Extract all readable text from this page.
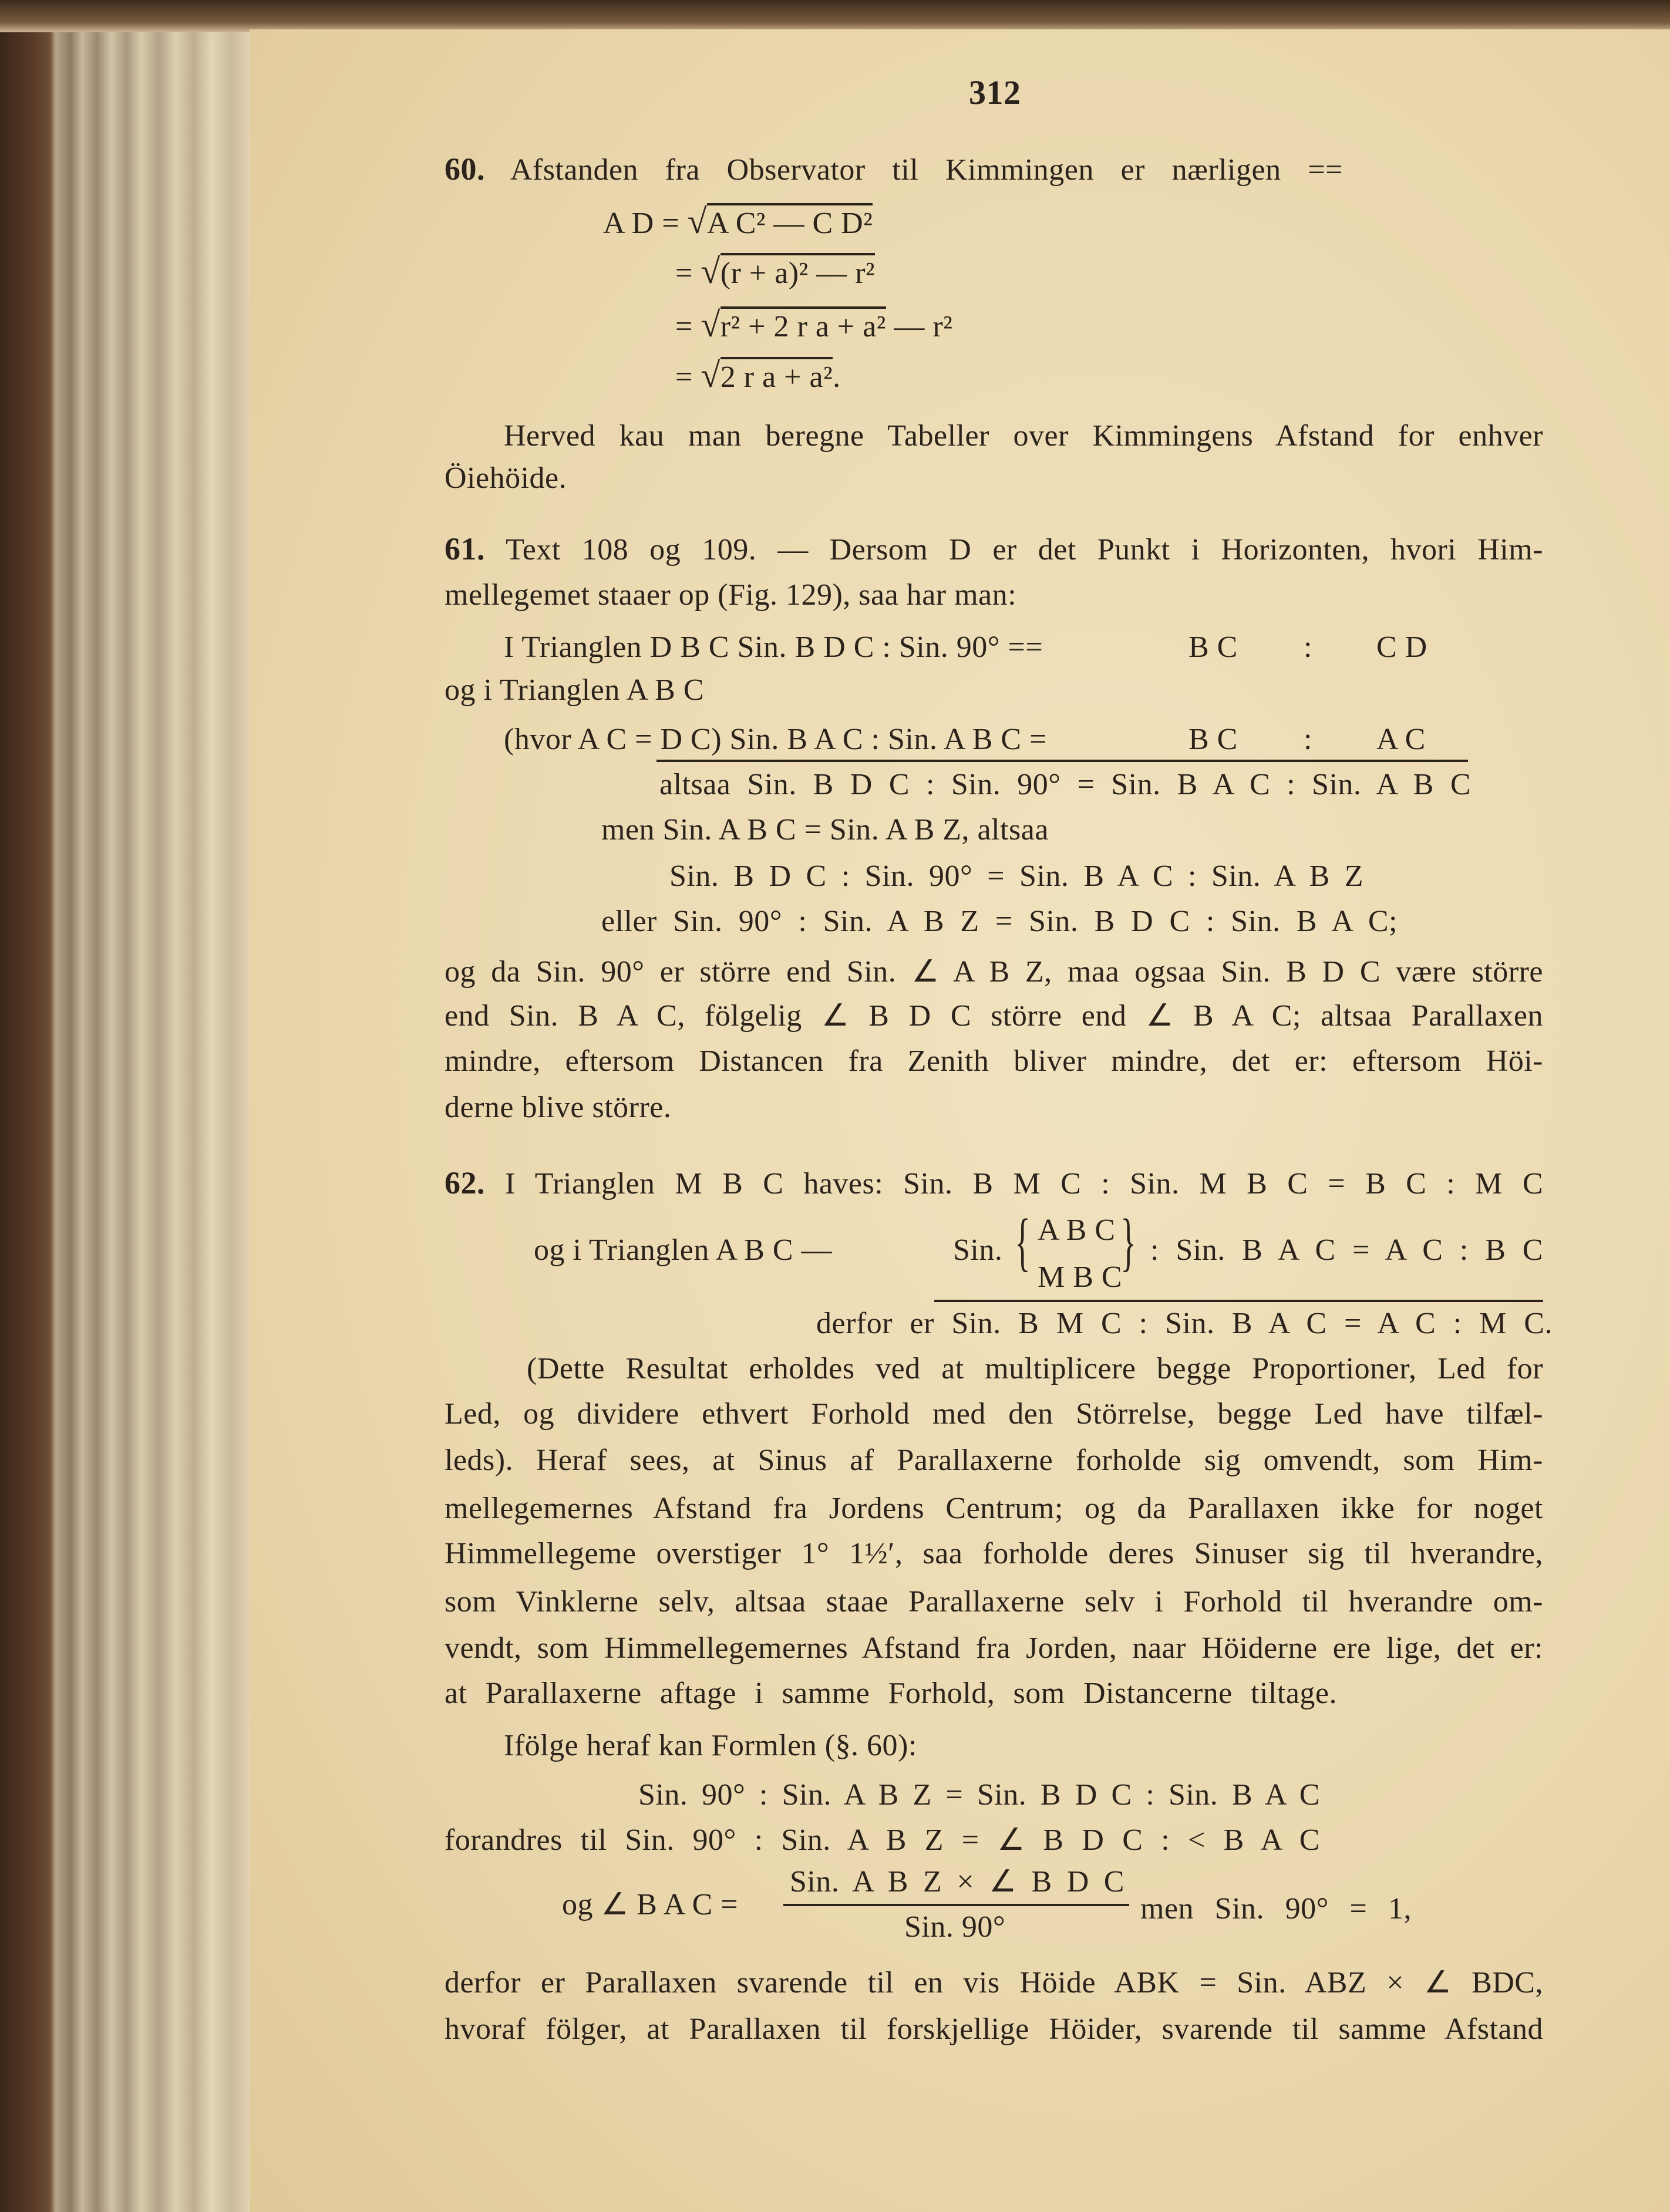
312
60. Afstanden fra Observator til Kimmingen er nærligen ==
A D = √A C² — C D²
= √(r + a)² — r²
= √r² + 2 r a + a² — r²
= √2 r a + a².
Herved kau man beregne Tabeller over Kimmingens Afstand for enhver
Öiehöide.
61. Text 108 og 109. — Dersom D er det Punkt i Horizonten, hvori Him-
mellegemet staaer op (Fig. 129), saa har man:
I Trianglen D B C Sin. B D C : Sin. 90° ==	B C : C D
og i Trianglen A B C
(hvor A C = D C) Sin. B A C : Sin. A B C =	B C : A C
altsaa Sin. B D C : Sin. 90° = Sin. B A C : Sin. A B C
men Sin. A B C = Sin. A B Z, altsaa
Sin. B D C : Sin. 90° = Sin. B A C : Sin. A B Z
eller Sin. 90° : Sin. A B Z = Sin. B D C : Sin. B A C;
og da Sin. 90° er större end Sin. ∠ A B Z, maa ogsaa Sin. B D C være större
end Sin. B A C, fölgelig ∠ B D C större end ∠ B A C; altsaa Parallaxen
mindre, eftersom Distancen fra Zenith bliver mindre, det er: eftersom Höi-
derne blive större.
62. I Trianglen M B C haves: Sin. B M C : Sin. M B C = B C : M C
og i Trianglen A B C —	Sin. { A B C
M B C
} : Sin. B A C = A C : B C
derfor er Sin. B M C : Sin. B A C = A C : M C.
(Dette Resultat erholdes ved at multiplicere begge Proportioner, Led for
Led, og dividere ethvert Forhold med den Störrelse, begge Led have tilfæl-
leds). Heraf sees, at Sinus af Parallaxerne forholde sig omvendt, som Him-
mellegemernes Afstand fra Jordens Centrum; og da Parallaxen ikke for noget
Himmellegeme overstiger 1° 1½′, saa forholde deres Sinuser sig til hverandre,
som Vinklerne selv, altsaa staae Parallaxerne selv i Forhold til hverandre om-
vendt, som Himmellegemernes Afstand fra Jorden, naar Höiderne ere lige, det er:
at Parallaxerne aftage i samme Forhold, som Distancerne tiltage.
Ifölge heraf kan Formlen (§. 60):
Sin. 90° : Sin. A B Z = Sin. B D C : Sin. B A C
forandres til Sin. 90° : Sin. A B Z = ∠ B D C : < B A C
og ∠ B A C =
Sin. A B Z × ∠ B D C
Sin. 90°
men Sin. 90° = 1,
derfor er Parallaxen svarende til en vis Höide ABK = Sin. ABZ × ∠ BDC,
hvoraf fölger, at Parallaxen til forskjellige Höider, svarende til samme Afstand
